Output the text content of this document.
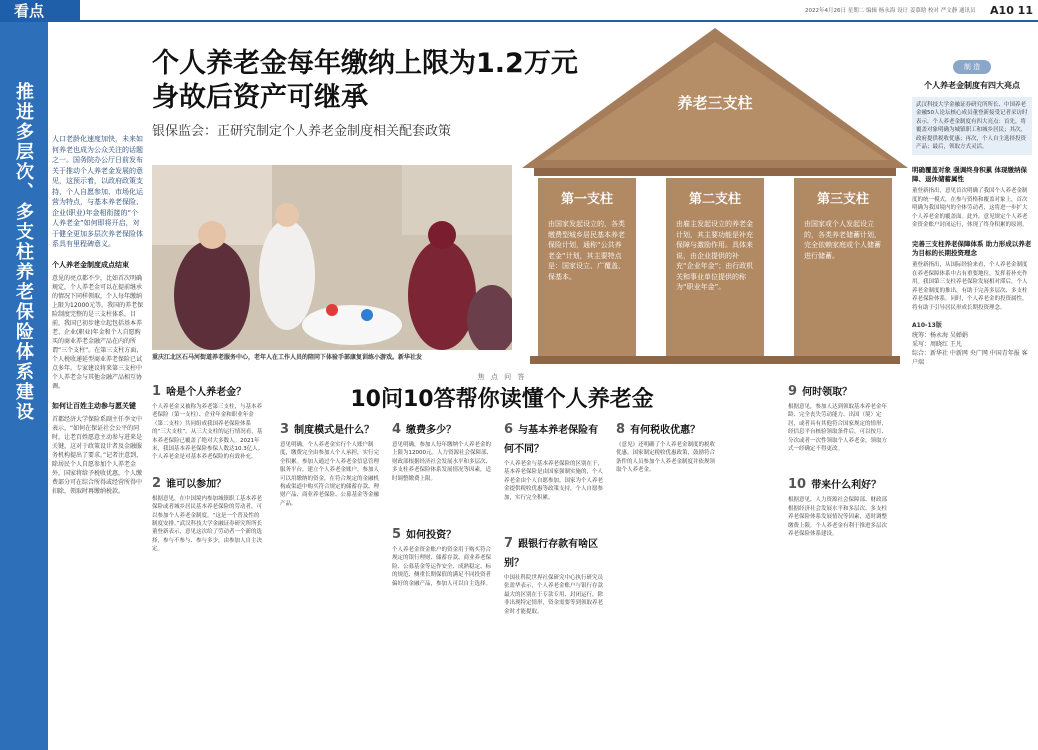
看点	2022年4月26日 星期二 编辑 杨永海 设计 姜慕晗 校对 严文静 通讯员	A10 11
推进多层次、多支柱养老保险体系建设	人口老龄化速度加快，未来如何养老也成为公众关注的话题之一。国务院办公厅日前发布关于推动个人养老金发展的意见，这预示着，以政府政策支持、个人自愿参加、市场化运营为特点，与基本养老保险、企业(职业)年金相衔接的“个人养老金”如何即将开启，对于健全更加多层次养老保险体系具有里程碑意义。
个人养老金制度成点结束
意见的亮点都不少，比如首次明确规定，个人养老金可以在提前继承的情况下同样领取，个人每年缴纳上限为12000元等。我国的养老保险制度完整的是三支柱体系，目前，我国已初步建立起包括基本养老、企业(职业)年金和个人自愿购买的商业养老金融产品在内的所谓“三个支柱”。在第三支柱方面，个人税收递延型商业养老保险已试点多年。专家建议将来第三支柱中个人养老金与其他金融产品相互协调。
如何让百姓主动参与愿关键
首都经济大学保险系副主任李文中表示，“如何在保证社会公平的同时，让老百姓愿意主动参与进来是关键，这对于政策设计者及金融服务机构提出了要求。”记者注意到，除居民个人自愿参加个人养老金外，国家将给予税收优惠，个人缴费部分可在综合所得或经营所得中扣除，领取时再缴纳税款。
个人养老金每年缴纳上限为1.2万元
身故后资产可继承
银保监会：正研究制定个人养老金制度相关配套政策
养老三支柱
第一支柱
由国家发起设立的，各类缴费型城乡居民基本养老保险计划，通称“公共养老金”计划，其主要特点是：国家设立、广覆盖、保基本。
第二支柱
由雇主发起设立的养老金计划，其主要功能是补充保障与激励作用。具体来说，由企业提供的补充“企业年金”；由行政机关和事业单位提供的称为“职业年金”。
第三支柱
由国家或个人发起设立的，各类养老储蓄计划，完全依赖家庭或个人储蓄进行储蓄。
重庆江北区石马河街道养老服务中心，老年人在工作人员的陪同下体验手部康复训练小游戏。新华社发
焦 点 问 答
10问10答帮你读懂个人养老金
1 啥是个人养老金？
个人养老金又被称为养老第三支柱，与基本养老保险（第一支柱）、企业年金和职业年金（第二支柱）共同组成我国养老保险体系的“三大支柱”。从三大支柱的运行情况看，基本养老保险已覆盖了绝对大多数人。2021年末，我国基本养老保险参保人数达10.3亿人。个人养老金是对基本养老保险的有效补充。
2 谁可以参加？
根据意见，在中国境内参加城镇职工基本养老保险或者城乡居民基本养老保险的劳动者，可以参加个人养老金制度。“这是一个普及性的制度安排。”武汉科技大学金融证券研究所所长董登新表示，意见这次给了劳动者一个新的选择，参与不参与、参与多少，由参加人自主决定。
3 制度模式是什么？
意见明确，个人养老金实行个人账户制度，缴费完全由参加人个人承担，实行完全积累。参加人通过个人养老金信息管理服务平台，建立个人养老金账户。参加人可以用缴纳的资金，在符合规定的金融机构或渠道中购买符合规定的储蓄存款、理财产品、商业养老保险、公募基金等金融产品。
4 缴费多少？
意见明确，参加人每年缴纳个人养老金的上限为12000元。人力资源社会保障部、财政部根据经济社会发展水平和多层次、多支柱养老保险体系发展情况等因素，适时调整缴费上限。
5 如何投资？
个人养老金资金账户的资金用于购买符合规定的银行理财、储蓄存款、商业养老保险、公募基金等运作安全、成熟稳定、标的规范、侧重长期保值的满足不同投资者偏好的金融产品，参加人可以自主选择。
6 与基本养老保险有何不同？
个人养老金与基本养老保险的区别在于，基本养老保险是由国家强制实施的，个人养老金由个人自愿参加。国家为个人养老金提供税收优惠等政策支持，个人自愿参加，实行完全积累。
7 跟银行存款有啥区别？
中国社科院世界社保研究中心执行研究员张盈华表示，个人养老金账户与银行存款最大的区别在于专款专用、封闭运行，除非出现特定情形，资金需要等到领取养老金时才能提取。
8 有何税收优惠？
《意见》还明确了个人养老金制度的税收优惠。国家制定税收优惠政策，鼓励符合条件的人员参加个人养老金制度并依规领取个人养老金。
9 何时领取？
根据意见，参加人达到领取基本养老金年龄、完全丧失劳动能力、出国（境）定居，或者具有其他符合国家规定的情形，经信息平台核验领取条件后，可以按月、分次或者一次性领取个人养老金，领取方式一经确定不得更改。
10 带来什么利好？
根据意见，人力资源社会保障部、财政部根据经济社会发展水平和多层次、多支柱养老保险体系发展情况等因素，适时调整缴费上限。个人养老金有利于推进多层次养老保险体系建设。
制 造
个人养老金制度有四大亮点
武汉科技大学金融证券研究所所长、中国养老金融50人论坛核心成员董登新接受记者采访时表示，个人养老金制度有四大亮点：首先，将覆盖对象明确为城镇职工和城乡居民；其次，政府提供税收优惠；再次，个人自主选择投资产品；最后，领取方式灵活。
明确覆盖对象 强调终身积累 体现缴纳保障、退休储蓄属性
董登新指出，意见首次明确了我国个人养老金制度的统一模式，在参与资格和覆盖对象上，首次明确为我国境内的全体劳动者，这将进一步扩大个人养老金的覆盖面。此外，意见规定个人养老金资金账户封闭运行，体现了终身积累的原则。
完善三支柱养老保障体系 助力形成以养老为目标的长期投资理念
董登新指出，从国际经验来看，个人养老金制度在养老保障体系中占有重要地位，发挥着补充作用。我国第三支柱养老保险发展相对滞后，个人养老金制度的推出，有助于完善多层次、多支柱养老保险体系。同时，个人养老金的投资属性，将有助于引导居民形成长期投资理念。
A10-13版
统筹：杨永海 吴婵娟
采写：周晓红 王凡
综合：新华社 中新网 央广网 中国青年报 客户端
